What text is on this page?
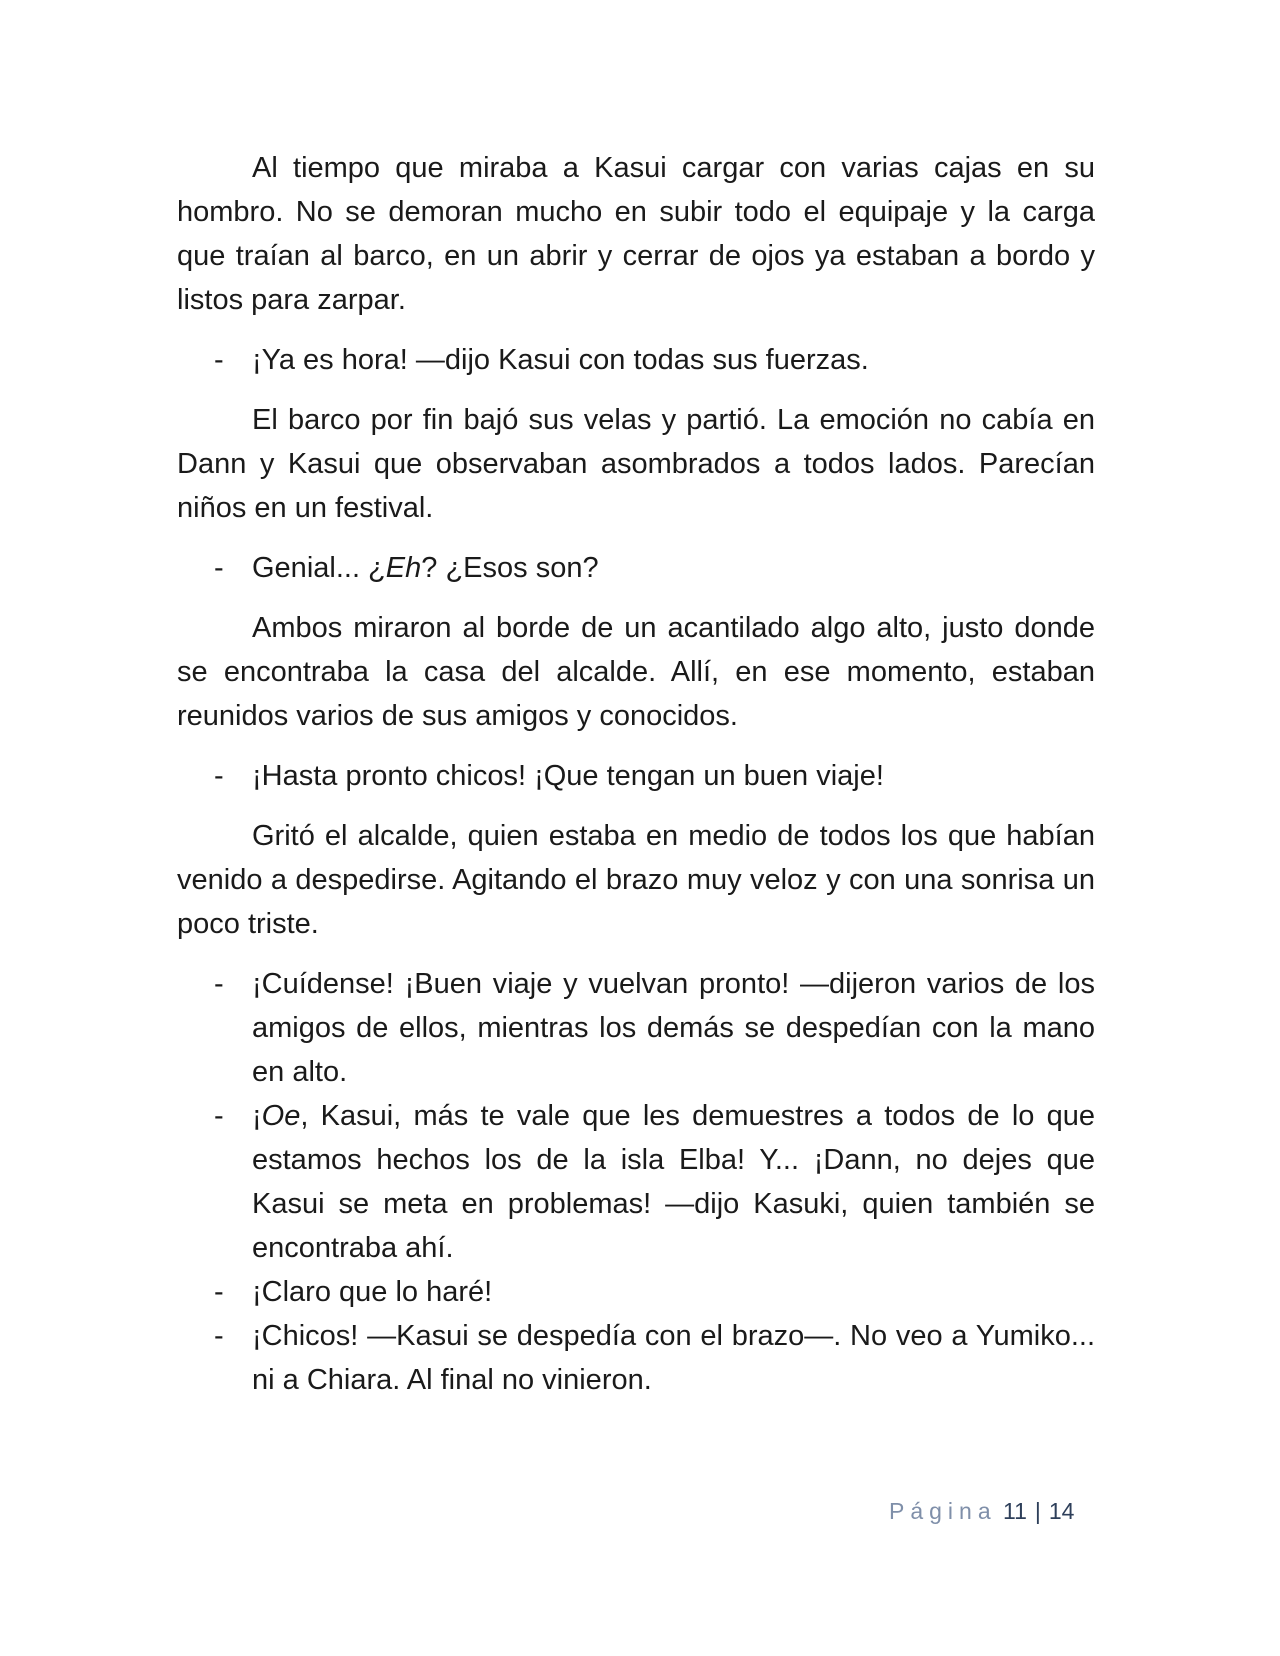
Al tiempo que miraba a Kasui cargar con varias cajas en su hombro. No se demoran mucho en subir todo el equipaje y la carga que traían al barco, en un abrir y cerrar de ojos ya estaban a bordo y listos para zarpar.

- ¡Ya es hora! —dijo Kasui con todas sus fuerzas.

El barco por fin bajó sus velas y partió. La emoción no cabía en Dann y Kasui que observaban asombrados a todos lados. Parecían niños en un festival.

- Genial... ¿Eh? ¿Esos son?

Ambos miraron al borde de un acantilado algo alto, justo donde se encontraba la casa del alcalde. Allí, en ese momento, estaban reunidos varios de sus amigos y conocidos.

- ¡Hasta pronto chicos! ¡Que tengan un buen viaje!

Gritó el alcalde, quien estaba en medio de todos los que habían venido a despedirse. Agitando el brazo muy veloz y con una sonrisa un poco triste.

- ¡Cuídense! ¡Buen viaje y vuelvan pronto! —dijeron varios de los amigos de ellos, mientras los demás se despedían con la mano en alto.
- ¡Oe, Kasui, más te vale que les demuestres a todos de lo que estamos hechos los de la isla Elba! Y... ¡Dann, no dejes que Kasui se meta en problemas! —dijo Kasuki, quien también se encontraba ahí.
- ¡Claro que lo haré!
- ¡Chicos! —Kasui se despedía con el brazo—. No veo a Yumiko... ni a Chiara. Al final no vinieron.
Página 11 | 14
